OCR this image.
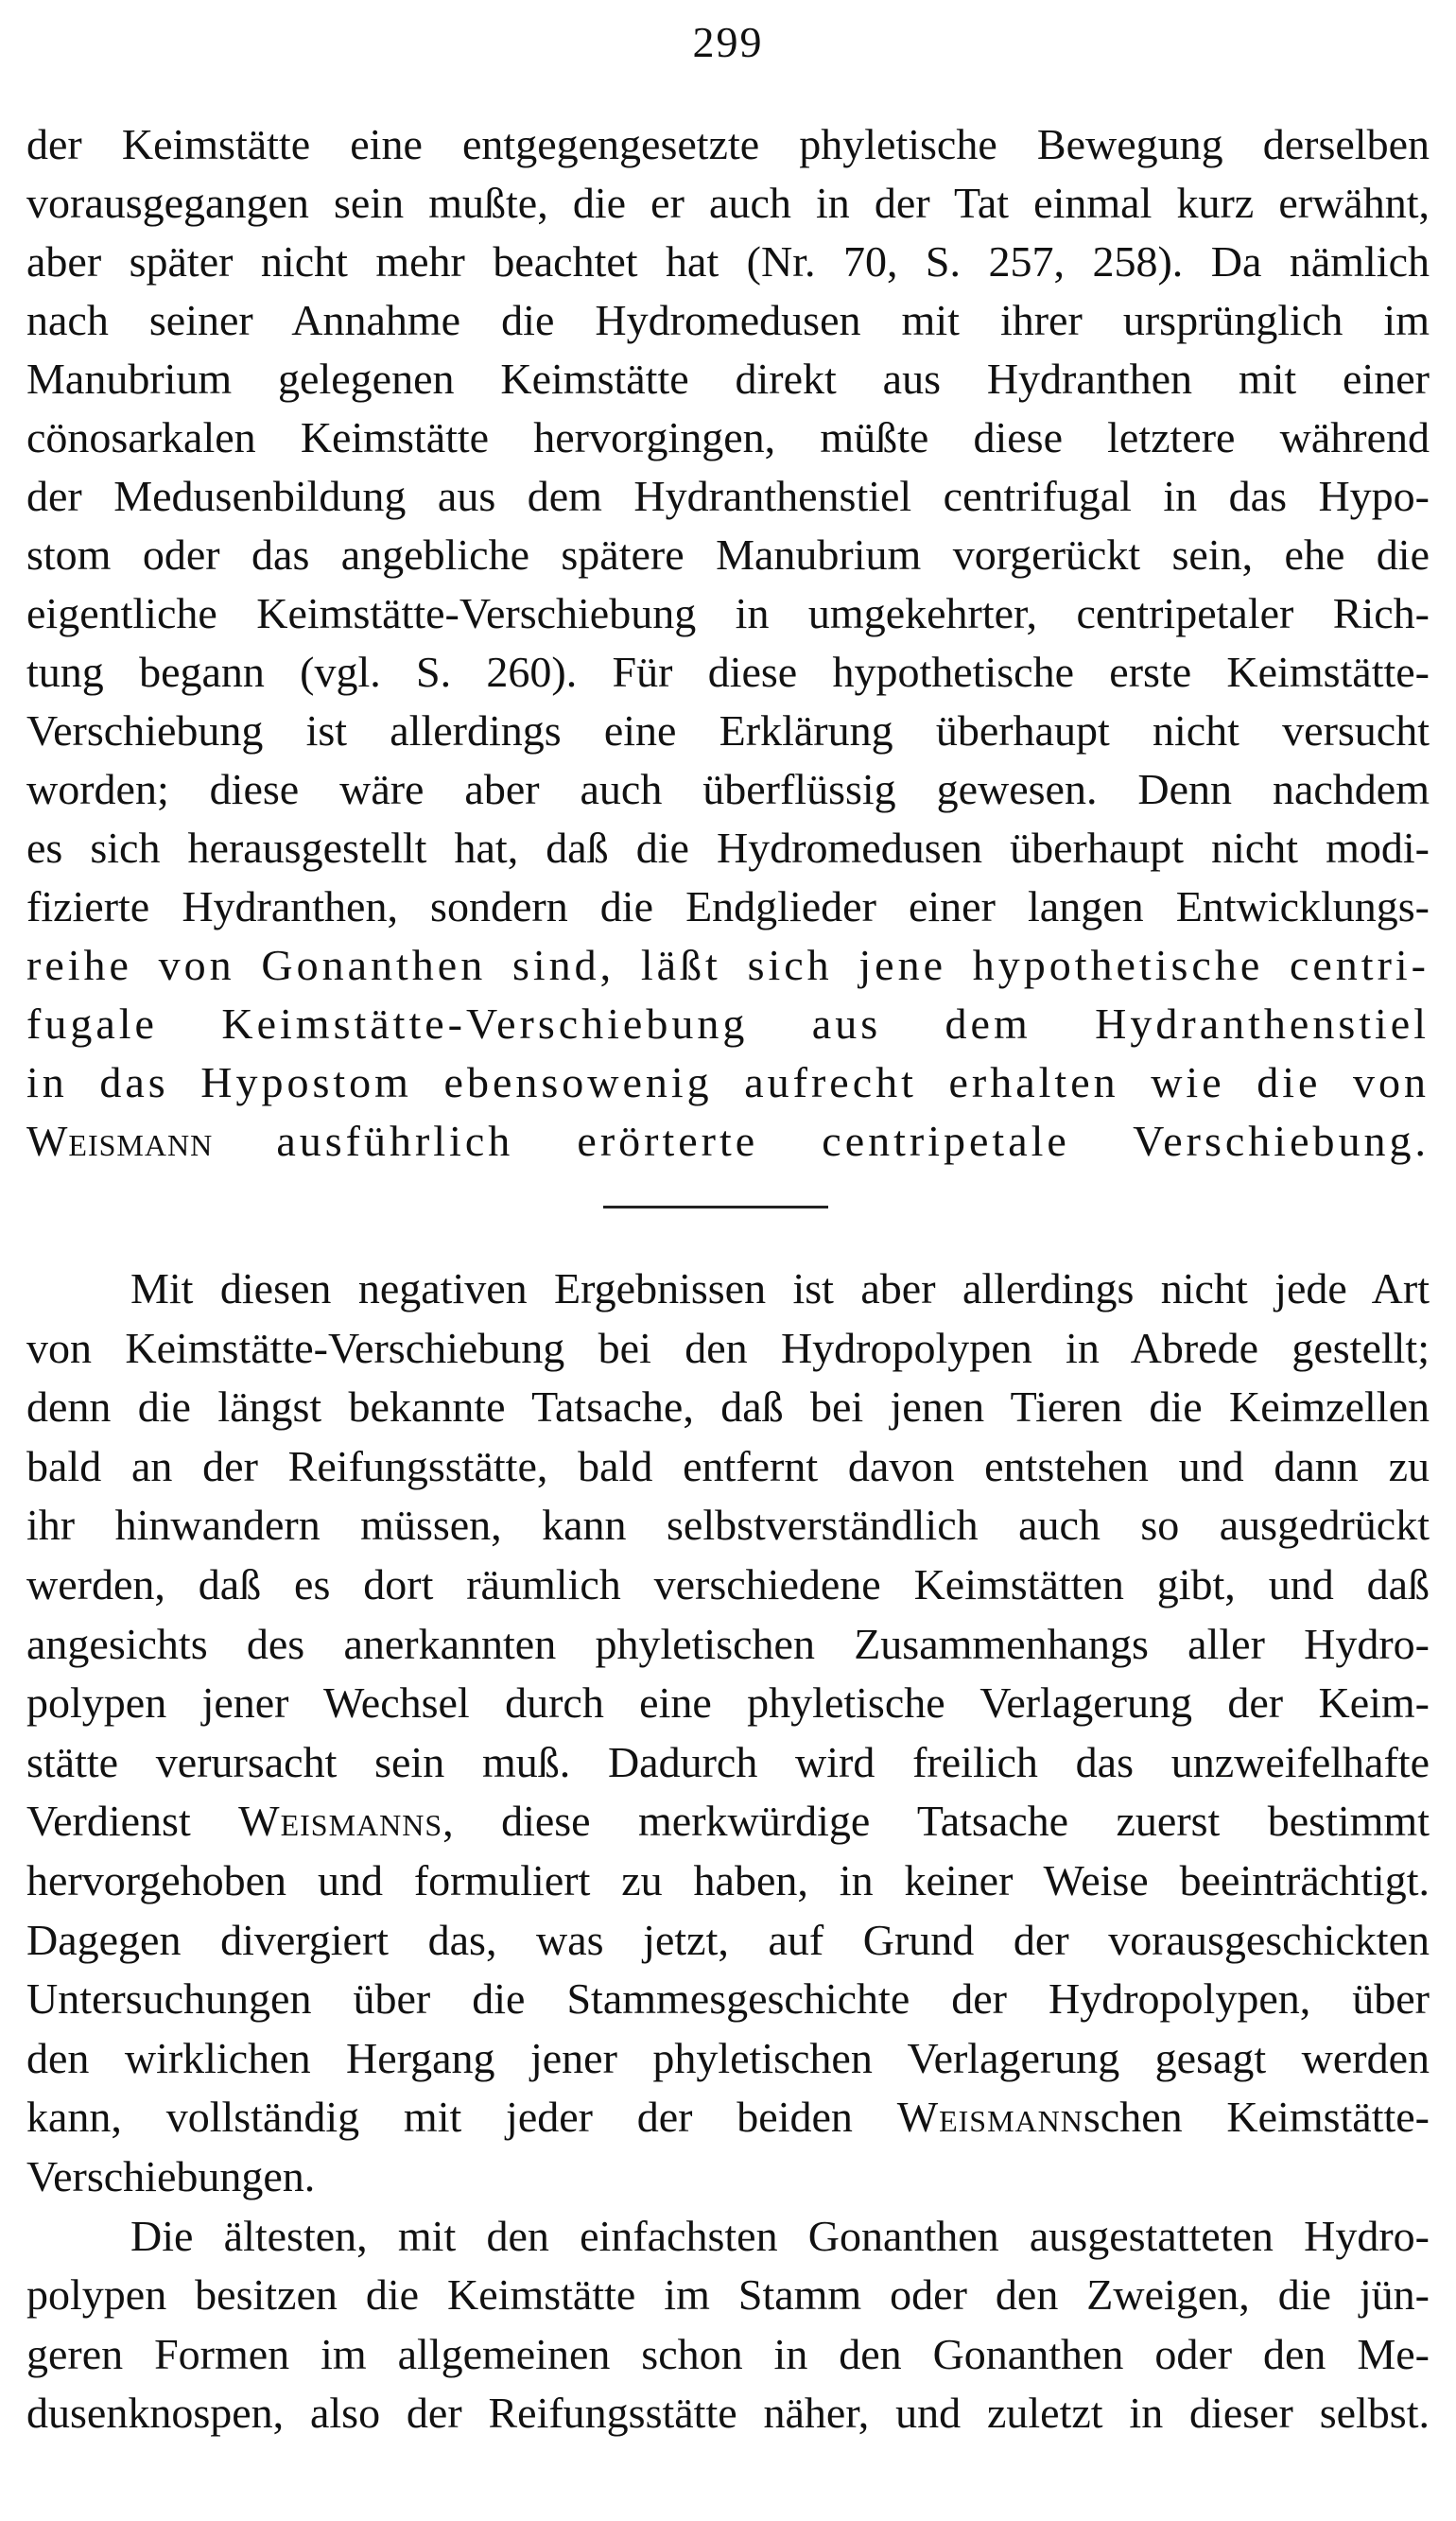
299
der Keimstätte eine entgegengesetzte phyletische Bewegung derselben
vorausgegangen sein mußte, die er auch in der Tat einmal kurz erwähnt,
aber später nicht mehr beachtet hat (Nr. 70, S. 257, 258). Da nämlich
nach seiner Annahme die Hydromedusen mit ihrer ursprünglich im
Manubrium gelegenen Keimstätte direkt aus Hydranthen mit einer
cönosarkalen Keimstätte hervorgingen, müßte diese letztere während
der Medusenbildung aus dem Hydranthenstiel centrifugal in das Hypo-
stom oder das angebliche spätere Manubrium vorgerückt sein, ehe die
eigentliche Keimstätte-Verschiebung in umgekehrter, centripetaler Rich-
tung begann (vgl. S. 260). Für diese hypothetische erste Keimstätte-
Verschiebung ist allerdings eine Erklärung überhaupt nicht versucht
worden; diese wäre aber auch überflüssig gewesen. Denn nachdem
es sich herausgestellt hat, daß die Hydromedusen überhaupt nicht modi-
fizierte Hydranthen, sondern die Endglieder einer langen Entwicklungs-
reihe von Gonanthen sind, läßt sich jene hypothetische centri-
fugale Keimstätte-Verschiebung aus dem Hydranthenstiel
in das Hypostom ebensowenig aufrecht erhalten wie die von
Weismann ausführlich erörterte centripetale Verschiebung.
Mit diesen negativen Ergebnissen ist aber allerdings nicht jede Art
von Keimstätte-Verschiebung bei den Hydropolypen in Abrede gestellt;
denn die längst bekannte Tatsache, daß bei jenen Tieren die Keimzellen
bald an der Reifungsstätte, bald entfernt davon entstehen und dann zu
ihr hinwandern müssen, kann selbstverständlich auch so ausgedrückt
werden, daß es dort räumlich verschiedene Keimstätten gibt, und daß
angesichts des anerkannten phyletischen Zusammenhangs aller Hydro-
polypen jener Wechsel durch eine phyletische Verlagerung der Keim-
stätte verursacht sein muß. Dadurch wird freilich das unzweifelhafte
Verdienst Weismanns, diese merkwürdige Tatsache zuerst bestimmt
hervorgehoben und formuliert zu haben, in keiner Weise beeinträchtigt.
Dagegen divergiert das, was jetzt, auf Grund der vorausgeschickten
Untersuchungen über die Stammesgeschichte der Hydropolypen, über
den wirklichen Hergang jener phyletischen Verlagerung gesagt werden
kann, vollständig mit jeder der beiden Weismannschen Keimstätte-
Verschiebungen.
Die ältesten, mit den einfachsten Gonanthen ausgestatteten Hydro-
polypen besitzen die Keimstätte im Stamm oder den Zweigen, die jün-
geren Formen im allgemeinen schon in den Gonanthen oder den Me-
dusenknospen, also der Reifungsstätte näher, und zuletzt in dieser selbst.
